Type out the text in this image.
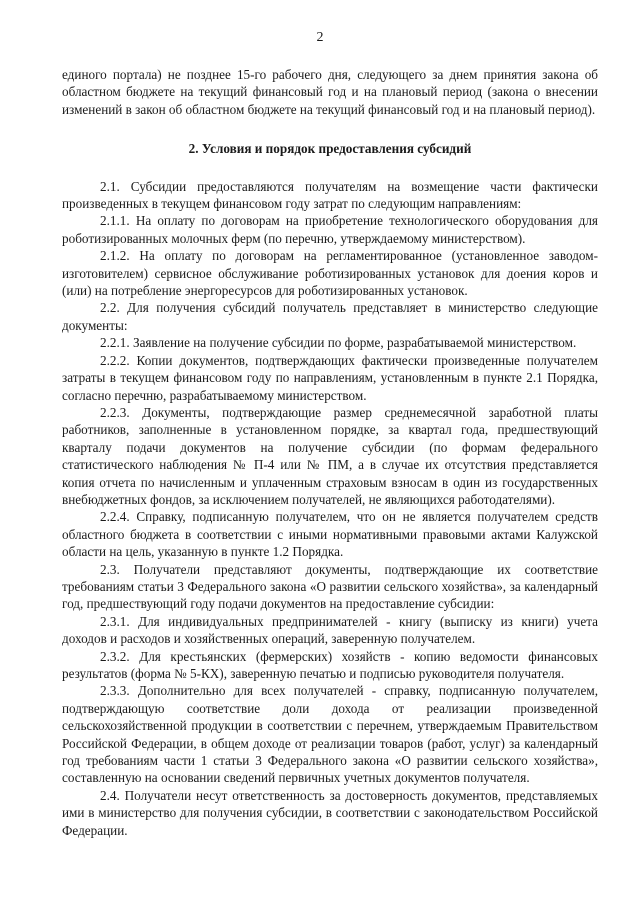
2

единого портала) не позднее 15-го рабочего дня, следующего за днем принятия закона об областном бюджете на текущий финансовый год и на плановый период (закона о внесении изменений в закон об областном бюджете на текущий финансовый год и на плановый период).

2. Условия и порядок предоставления субсидий

2.1. Субсидии предоставляются получателям на возмещение части фактически произведенных в текущем финансовом году затрат по следующим направлениям:

2.1.1. На оплату по договорам на приобретение технологического оборудования для роботизированных молочных ферм (по перечню, утверждаемому министерством).

2.1.2. На оплату по договорам на регламентированное (установленное заводом-изготовителем) сервисное обслуживание роботизированных установок для доения коров и (или) на потребление энергоресурсов для роботизированных установок.

2.2. Для получения субсидий получатель представляет в министерство следующие документы:

2.2.1. Заявление на получение субсидии по форме, разрабатываемой министерством.

2.2.2. Копии документов, подтверждающих фактически произведенные получателем затраты в текущем финансовом году по направлениям, установленным в пункте 2.1 Порядка, согласно перечню, разрабатываемому министерством.

2.2.3. Документы, подтверждающие размер среднемесячной заработной платы работников, заполненные в установленном порядке, за квартал года, предшествующий кварталу подачи документов на получение субсидии (по формам федерального статистического наблюдения № П-4 или № ПМ, а в случае их отсутствия представляется копия отчета по начисленным и уплаченным страховым взносам в один из государственных внебюджетных фондов, за исключением получателей, не являющихся работодателями).

2.2.4. Справку, подписанную получателем, что он не является получателем средств областного бюджета в соответствии с иными нормативными правовыми актами Калужской области на цель, указанную в пункте 1.2 Порядка.

2.3. Получатели представляют документы, подтверждающие их соответствие требованиям статьи 3 Федерального закона «О развитии сельского хозяйства», за календарный год, предшествующий году подачи документов на предоставление субсидии:

2.3.1. Для индивидуальных предпринимателей - книгу (выписку из книги) учета доходов и расходов и хозяйственных операций, заверенную получателем.

2.3.2. Для крестьянских (фермерских) хозяйств - копию ведомости финансовых результатов (форма № 5-КХ), заверенную печатью и подписью руководителя получателя.

2.3.3. Дополнительно для всех получателей - справку, подписанную получателем, подтверждающую соответствие доли дохода от реализации произведенной сельскохозяйственной продукции в соответствии с перечнем, утверждаемым Правительством Российской Федерации, в общем доходе от реализации товаров (работ, услуг) за календарный год требованиям части 1 статьи 3 Федерального закона «О развитии сельского хозяйства», составленную на основании сведений первичных учетных документов получателя.

2.4. Получатели несут ответственность за достоверность документов, представляемых ими в министерство для получения субсидии, в соответствии с законодательством Российской Федерации.
